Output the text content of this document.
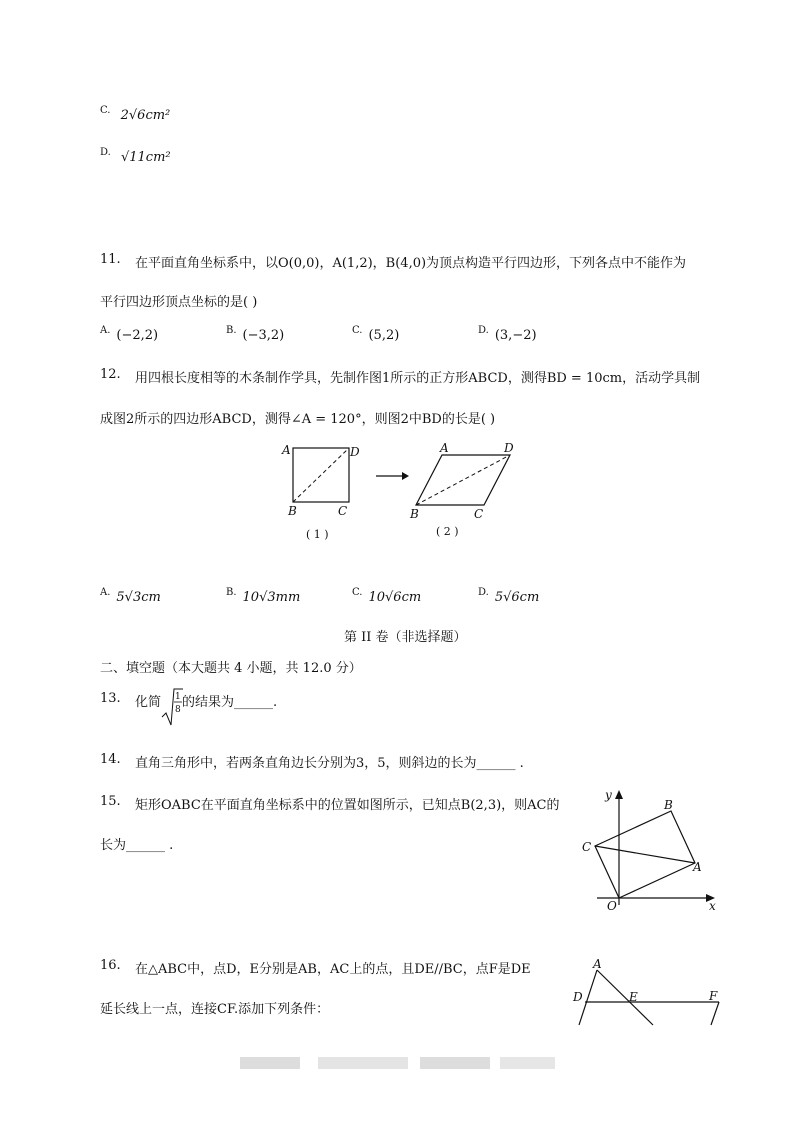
$^{C.}$ 2√6cm²
$^{D.}$ √11cm²
11. 在平面直角坐标系中，以O(0,0)，A(1,2)，B(4,0)为顶点构造平行四边形，下列各点中不能作为
平行四边形顶点坐标的是( )
$^{A.}$ (−2,2)	$^{B.}$ (−3,2)	$^{C.}$ (5,2)	$^{D.}$ (3,−2)
12. 用四根长度相等的木条制作学具，先制作图1所示的正方形ABCD，测得BD = 10cm，活动学具制
成图2所示的四边形ABCD，测得∠A = 120°，则图2中BD的长是( )
A	D
B	C
( 1 )
A	D
B	C
( 2 )
$^{A.}$ 5√3cm	$^{B.}$ 10√3mm	$^{C.}$ 10√6cm	$^{D.}$ 5√6cm
第 II 卷（非选择题）
二、填空题（本大题共 4 小题，共 12.0 分）
13. 化简 1
8 的结果为______.
14. 直角三角形中，若两条直角边长分别为3，5，则斜边的长为______ .
15. 矩形OABC在平面直角坐标系中的位置如图所示，已知点B(2,3)，则AC的
长为______ .
y
x
O
A
B
C
16. 在△ABC中，点D，E分别是AB，AC上的点，且DE//BC，点F是DE
延长线上一点，连接CF.添加下列条件：
A
D	E	F
